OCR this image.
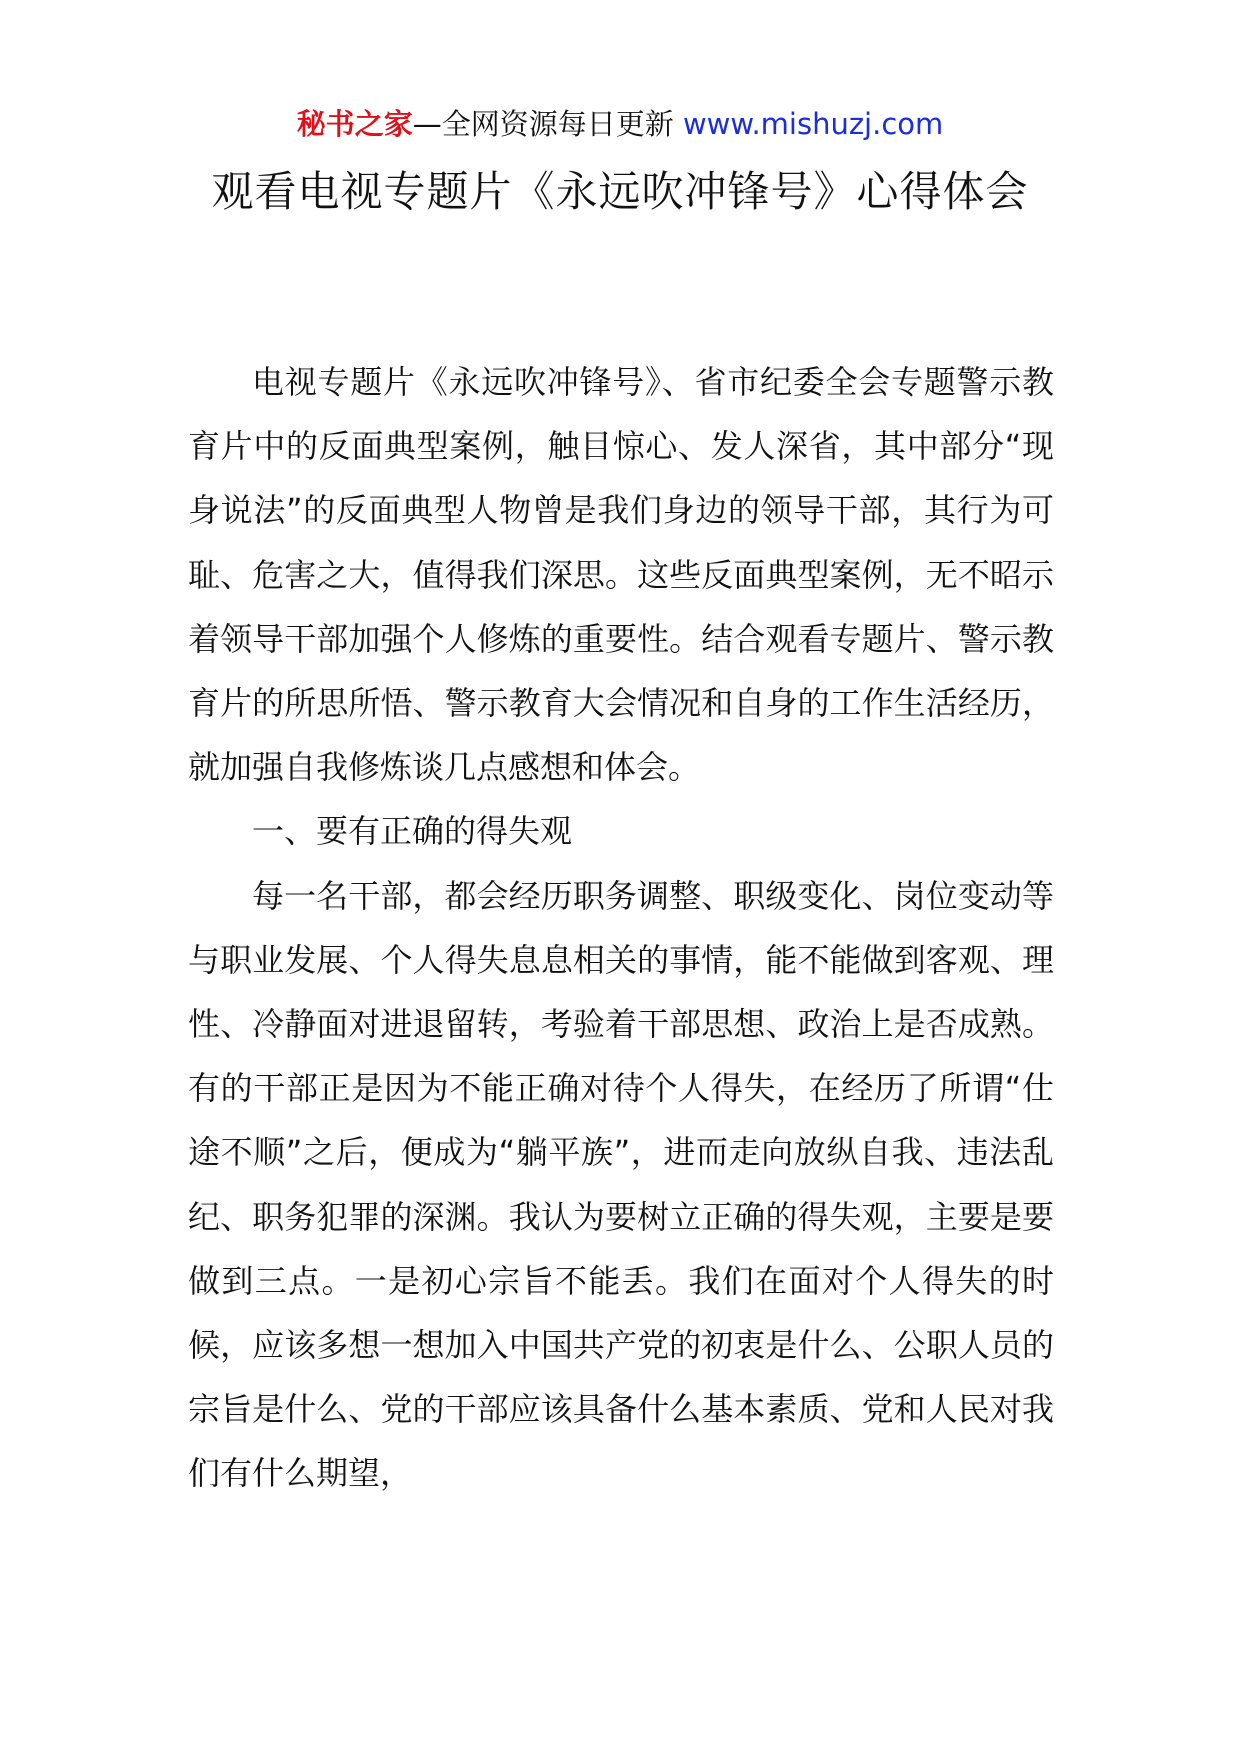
秘书之家—全网资源每日更新 www.mishuzj.com
观看电视专题片《永远吹冲锋号》心得体会

电视专题片《永远吹冲锋号》、省市纪委全会专题警示教育片中的反面典型案例，触目惊心、发人深省，其中部分“现身说法”的反面典型人物曾是我们身边的领导干部，其行为可耻、危害之大，值得我们深思。这些反面典型案例，无不昭示着领导干部加强个人修炼的重要性。结合观看专题片、警示教育片的所思所悟、警示教育大会情况和自身的工作生活经历，就加强自我修炼谈几点感想和体会。

一、要有正确的得失观

每一名干部，都会经历职务调整、职级变化、岗位变动等与职业发展、个人得失息息相关的事情，能不能做到客观、理性、冷静面对进退留转，考验着干部思想、政治上是否成熟。有的干部正是因为不能正确对待个人得失，在经历了所谓“仕途不顺”之后，便成为“躺平族”，进而走向放纵自我、违法乱纪、职务犯罪的深渊。我认为要树立正确的得失观，主要是要做到三点。一是初心宗旨不能丢。我们在面对个人得失的时候，应该多想一想加入中国共产党的初衷是什么、公职人员的宗旨是什么、党的干部应该具备什么基本素质、党和人民对我们有什么期望，
